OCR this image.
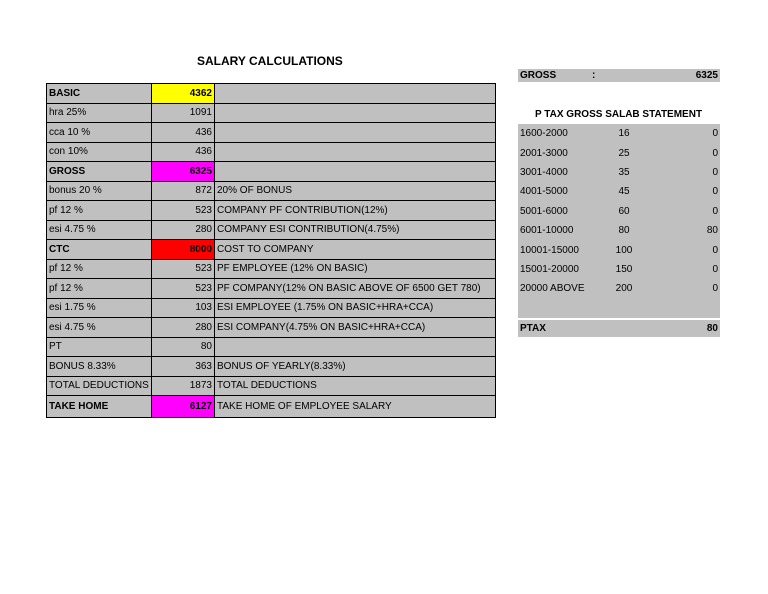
SALARY CALCULATIONS
BASIC	4362	
hra 25%	1091	
cca 10 %	436	
con 10%	436	
GROSS	6325	
bonus 20 %	872	20% OF BONUS
pf 12 %	523	COMPANY PF CONTRIBUTION(12%)
esi 4.75 %	280	COMPANY ESI CONTRIBUTION(4.75%)
CTC	8000	COST TO COMPANY
pf 12 %	523	PF EMPLOYEE (12% ON BASIC)
pf 12 %	523	PF COMPANY(12% ON BASIC ABOVE OF 6500 GET 780)
esi 1.75 %	103	ESI EMPLOYEE (1.75% ON BASIC+HRA+CCA)
esi 4.75 %	280	ESI COMPANY(4.75% ON BASIC+HRA+CCA)
PT	80	
BONUS 8.33%	363	BONUS OF YEARLY(8.33%)
TOTAL DEDUCTIONS	1873	TOTAL DEDUCTIONS
TAKE HOME	6127	TAKE HOME OF EMPLOYEE SALARY
GROSS	:	6325
P TAX GROSS SALAB STATEMENT
1600-2000	16	0
2001-3000	25	0
3001-4000	35	0
4001-5000	45	0
5001-6000	60	0
6001-10000	80	80
10001-15000	100	0
15001-20000	150	0
20000 ABOVE	200	0

PTAX	80
